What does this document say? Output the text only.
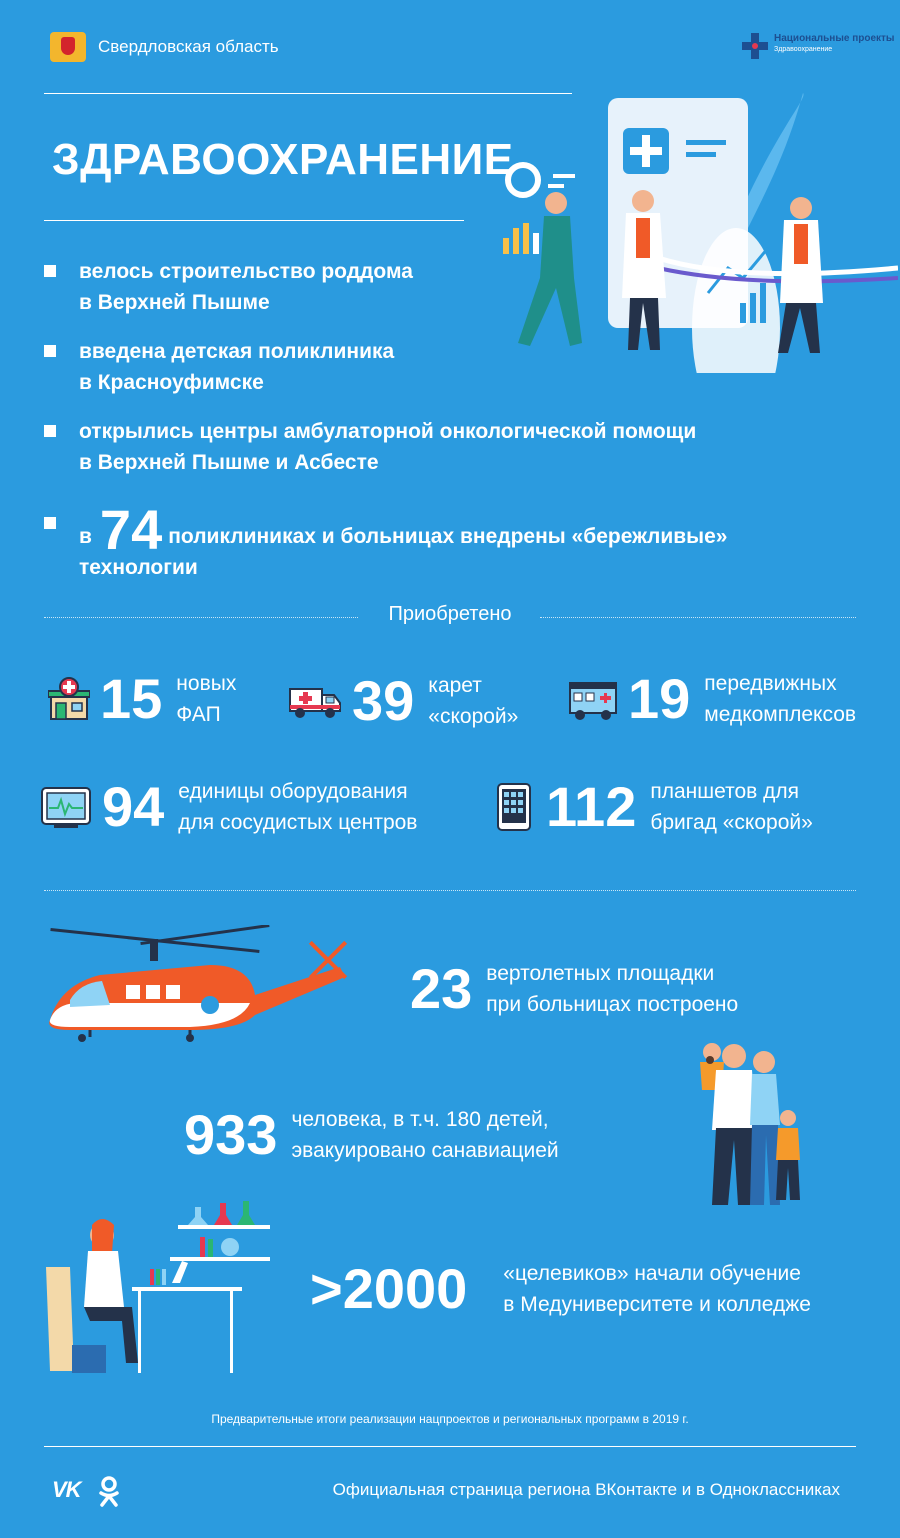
Свердловская область	Национальные проекты
Здравоохранение
ЗДРАВООХРАНЕНИЕ
велось строительство роддома
в Верхней Пышме
введена детская поликлиника
в Красноуфимске
открылись центры амбулаторной онкологической помощи
в Верхней Пышме и Асбесте
в 74 поликлиниках и больницах внедрены «бережливые»
технологии
Приобретено
15 новых
ФАП 39 карет
«скорой» 19 передвижных
медкомплексов
94 единицы оборудования
для сосудистых центров 112 планшетов для
бригад «скорой»
23 вертолетных площадки
при больницах построено
933 человека, в т.ч. 180 детей,
эвакуировано санавиацией
>2000 «целевиков» начали обучение
в Медуниверситете и колледже
Предварительные итоги реализации нацпроектов и региональных программ в 2019 г.
VK	Официальная страница региона ВКонтакте и в Одноклассниках
